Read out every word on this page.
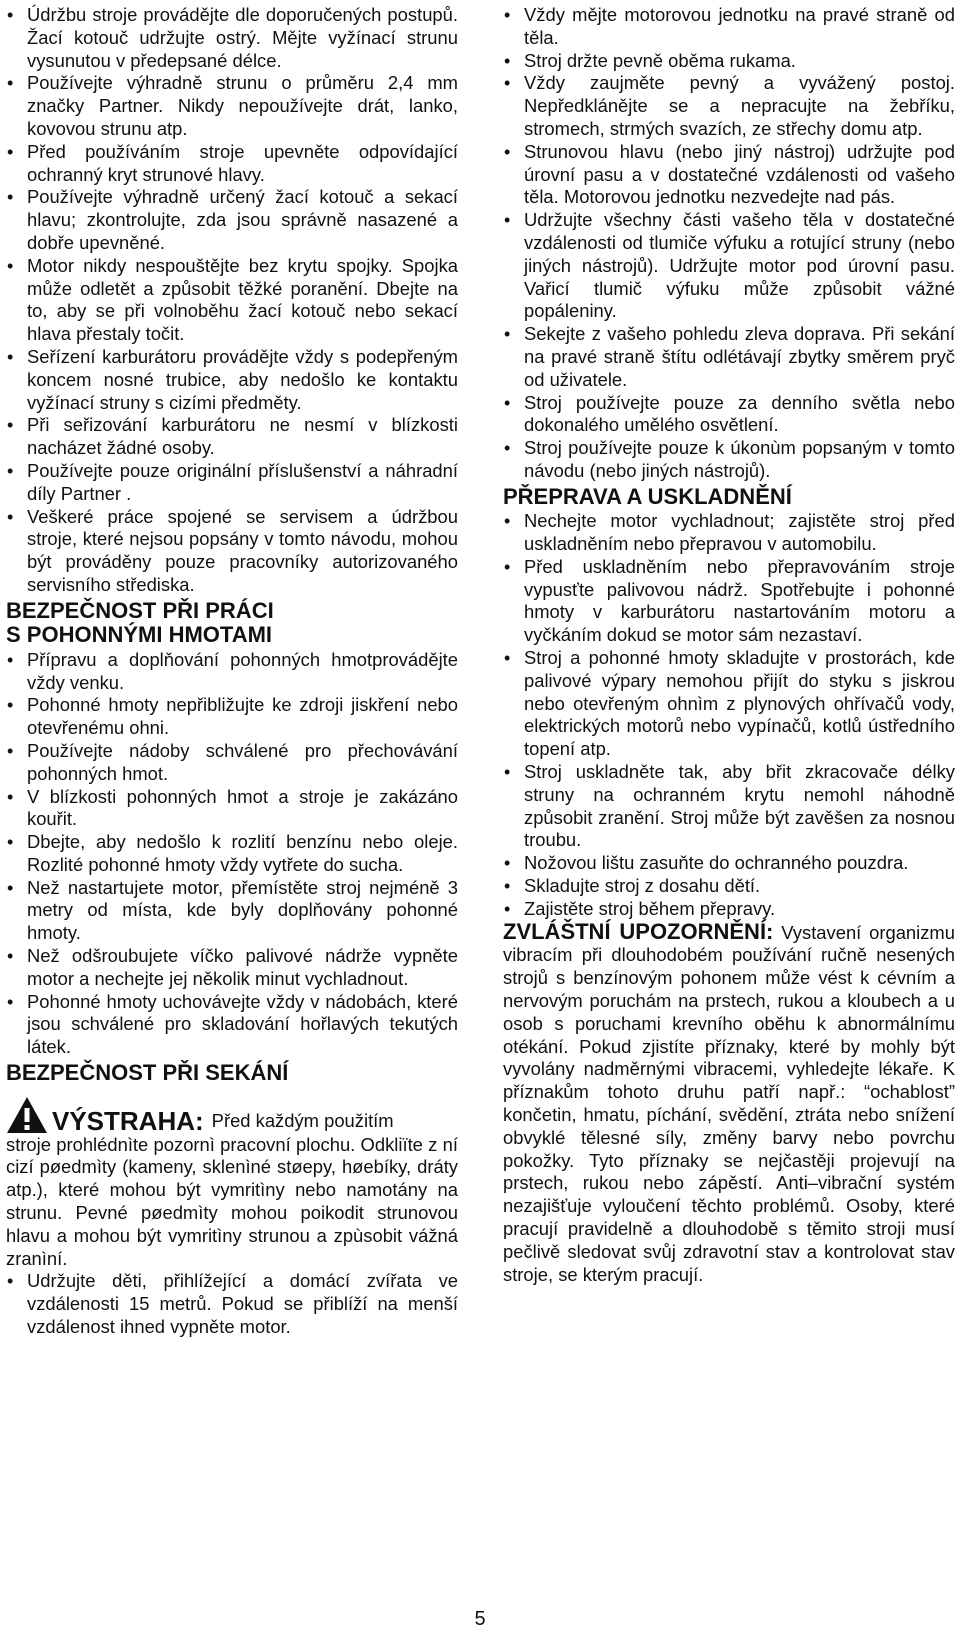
• Údržbu stroje provádějte dle doporučených postupů. Žací kotouč udržujte ostrý. Mějte vyžínací strunu vysunutou v předepsané délce.
• Používejte výhradně strunu o průměru 2,4 mm značky Partner. Nikdy nepoužívejte drát, lanko, kovovou strunu atp.
• Před používáním stroje upevněte odpovídající ochranný kryt strunové hlavy.
• Používejte výhradně určený žací kotouč a sekací hlavu; zkontrolujte, zda jsou správně nasazené a dobře upevněné.
• Motor nikdy nespouštějte bez krytu spojky. Spojka může odletět a způsobit těžké poranění. Dbejte na to, aby se při volnoběhu žací kotouč nebo sekací hlava přestaly točit.
• Seřízení karburátoru provádějte vždy s podepřeným koncem nosné trubice, aby nedošlo ke kontaktu vyžínací struny s cizími předměty.
• Při seřizování karburátoru ne nesmí v blízkosti nacházet žádné osoby.
• Používejte pouze originální příslušenství a náhradní díly Partner .
• Veškeré práce spojené se servisem a údržbou stroje, které nejsou popsány v tomto návodu, mohou být prováděny pouze pracovníky autorizovaného servisního střediska.
BEZPEČNOST PŘI PRÁCI
S POHONNÝMI HMOTAMI
• Přípravu a doplňování pohonných hmotprovádějte vždy venku.
• Pohonné hmoty nepřibližujte ke zdroji jiskření nebo otevřenému ohni.
• Používejte nádoby schválené pro přechovávání pohonných hmot.
• V blízkosti pohonných hmot a stroje je zakázáno kouřit.
• Dbejte, aby nedošlo k rozlití benzínu nebo oleje. Rozlité pohonné hmoty vždy vytřete do sucha.
• Než nastartujete motor, přemístěte stroj nejméně 3 metry od místa, kde byly doplňovány pohonné hmoty.
• Než odšroubujete víčko palivové nádrže vypněte motor a nechejte jej několik minut vychladnout.
• Pohonné hmoty uchovávejte vždy v nádobách, které jsou schválené pro skladování hořlavých tekutých látek.
BEZPEČNOST PŘI SEKÁNÍ
VÝSTRAHA: Před každým použitím
stroje prohlédnìte pozornì pracovní plochu. Odkliïte z ní cizí pøedmìty (kameny, sklenìné støepy, høebíky, dráty atp.), které mohou být vymritìny nebo namotány na strunu. Pevné pøedmìty mohou poikodit strunovou hlavu a mohou být vymritìny strunou a zpùsobit vážná zranìní.
• Udržujte děti, přihlížející a domácí zvířata ve vzdálenosti 15 metrů. Pokud se přiblíží na menší vzdálenost ihned vypněte motor.
• Vždy mějte motorovou jednotku na pravé straně od těla.
• Stroj držte pevně oběma rukama.
• Vždy zaujměte pevný a vyvážený postoj. Nepředklánějte se a nepracujte na žebříku, stromech, strmých svazích, ze střechy domu atp.
• Strunovou hlavu (nebo jiný nástroj) udržujte pod úrovní pasu a v dostatečné vzdálenosti od vašeho těla. Motorovou jednotku nezvedejte nad pás.
• Udržujte všechny části vašeho těla v dostatečné vzdálenosti od tlumiče výfuku a rotující struny (nebo jiných nástrojů). Udržujte motor pod úrovní pasu. Vařicí tlumič výfuku může způsobit vážné popáleniny.
• Sekejte z vašeho pohledu zleva doprava. Při sekání na pravé straně štítu odlétávají zbytky směrem pryč od uživatele.
• Stroj používejte pouze za denního světla nebo dokonalého umělého osvětlení.
• Stroj používejte pouze k úkonùm popsaným v tomto návodu (nebo jiných nástrojů).
PŘEPRAVA A USKLADNĚNÍ
• Nechejte motor vychladnout; zajistěte stroj před uskladněním nebo přepravou v automobilu.
• Před uskladněním nebo přepravováním stroje vypusťte palivovou nádrž. Spotřebujte i pohonné hmoty v karburátoru nastartováním motoru a vyčkáním dokud se motor sám nezastaví.
• Stroj a pohonné hmoty skladujte v prostorách, kde palivové výpary nemohou přijít do styku s jiskrou nebo otevřeným ohnìm z plynových ohřívačů vody, elektrických motorů nebo vypínačů, kotlů ústředního topení atp.
• Stroj uskladněte tak, aby břit zkracovače délky struny na ochranném krytu nemohl náhodně způsobit zranění. Stroj může být zavěšen za nosnou troubu.
• Nožovou lištu zasuňte do ochranného pouzdra.
• Skladujte stroj z dosahu dětí.
• Zajistěte stroj během přepravy.
ZVLÁŠTNÍ UPOZORNĚNÍ: Vystavení organizmu vibracím při dlouhodobém používání ručně nesených strojů s benzínovým pohonem může vést k cévním a nervovým poruchám na prstech, rukou a kloubech a u osob s poruchami krevního oběhu k abnormálnímu otékání. Pokud zjistíte příznaky, které by mohly být vyvolány nadměrnými vibracemi, vyhledejte lékaře. K příznakům tohoto druhu patří např.: “ochablost” končetin, hmatu, píchání, svědění, ztráta nebo snížení obvyklé tělesné síly, změny barvy nebo povrchu pokožky. Tyto příznaky se nejčastěji projevují na prstech, rukou nebo zápěstí. Anti–vibrační systém nezajišťuje vyloučení těchto problémů. Osoby, které pracují pravidelně a dlouhodobě s těmito stroji musí pečlivě sledovat svůj zdravotní stav a kontrolovat stav stroje, se kterým pracují.
5
